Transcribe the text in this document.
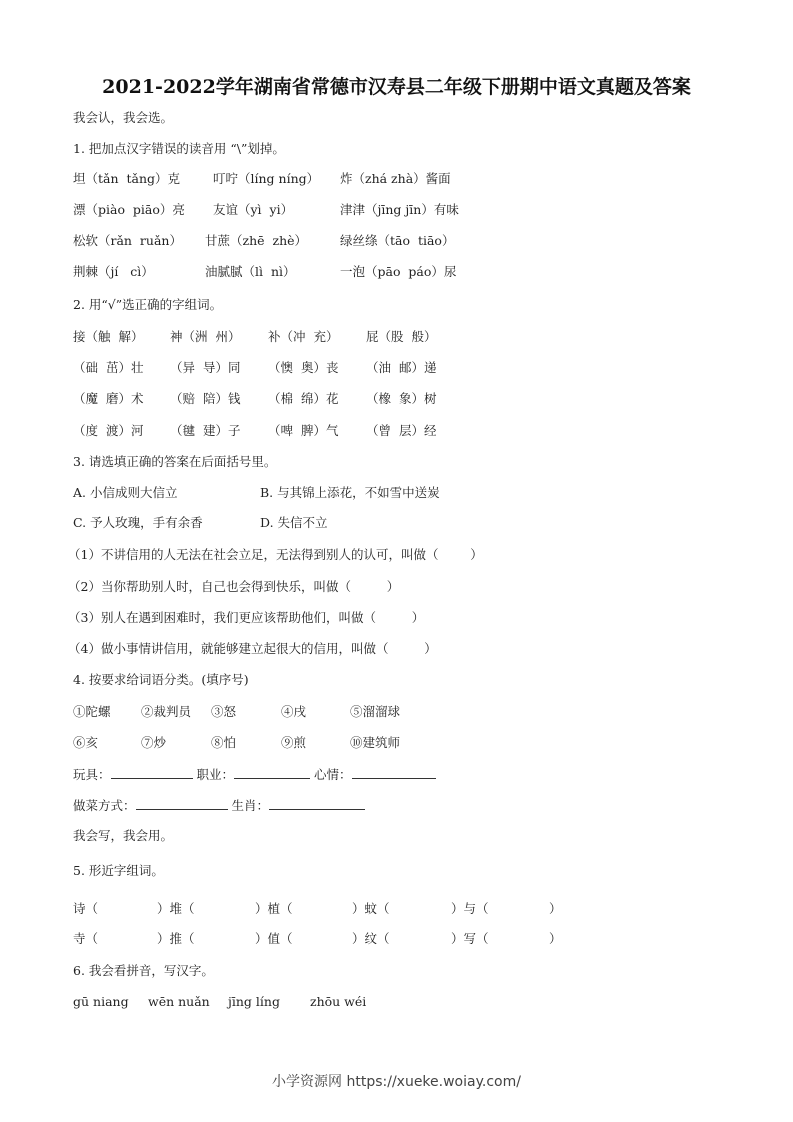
2021-2022学年湖南省常德市汉寿县二年级下册期中语文真题及答案
我会认，我会选。
1. 把加点汉字错误的读音用 “\”划掉。
坦（tǎn  tǎng）克	叮咛（líng níng） 炸（zhá zhà）酱面
漂（piào  piāo）亮 友谊（yì  yi）	津津（jīng jīn）有味
松软（rǎn  ruǎn） 甘蔗（zhē  zhè）	绿丝绦（tāo  tiāo）
荆棘（jí   cì）	油腻腻（lì  nì）	一泡（pāo  páo）尿
2. 用“√”选正确的字组词。
接（触  解） 神（洲  州） 补（冲  充） 屁（股  般）
（础  茁）壮 （异  导）同 （懊  奥）丧 （油  邮）递
（魔  磨）术 （赔  陪）钱 （棉  绵）花 （橡  象）树
（度  渡）河 （毽  建）子 （啤  脾）气 （曾  层）经
3. 请选填正确的答案在后面括号里。
A. 小信成则大信立	B. 与其锦上添花，不如雪中送炭
C. 予人玫瑰，手有余香	D. 失信不立
（1）不讲信用的人无法在社会立足，无法得到别人的认可，叫做（        ）
（2）当你帮助别人时，自己也会得到快乐，叫做（         ）
（3）别人在遇到困难时，我们更应该帮助他们，叫做（         ）
（4）做小事情讲信用，就能够建立起很大的信用，叫做（         ）
4. 按要求给词语分类。(填序号)
①陀螺 ②裁判员 ③怒	④戌	⑤溜溜球
⑥亥	⑦炒	⑧怕	⑨煎	⑩建筑师
玩具：	职业：	心情：
做菜方式：	生肖：
我会写，我会用。
5. 形近字组词。
诗（	）堆（	）植（	）蚊（	）与（	）
寺（	）推（	）值（	）纹（	）写（	）
6. 我会看拼音，写汉字。
gū niang wēn nuǎn jīng líng zhōu wéi
小学资源网 https://xueke.woiay.com/
